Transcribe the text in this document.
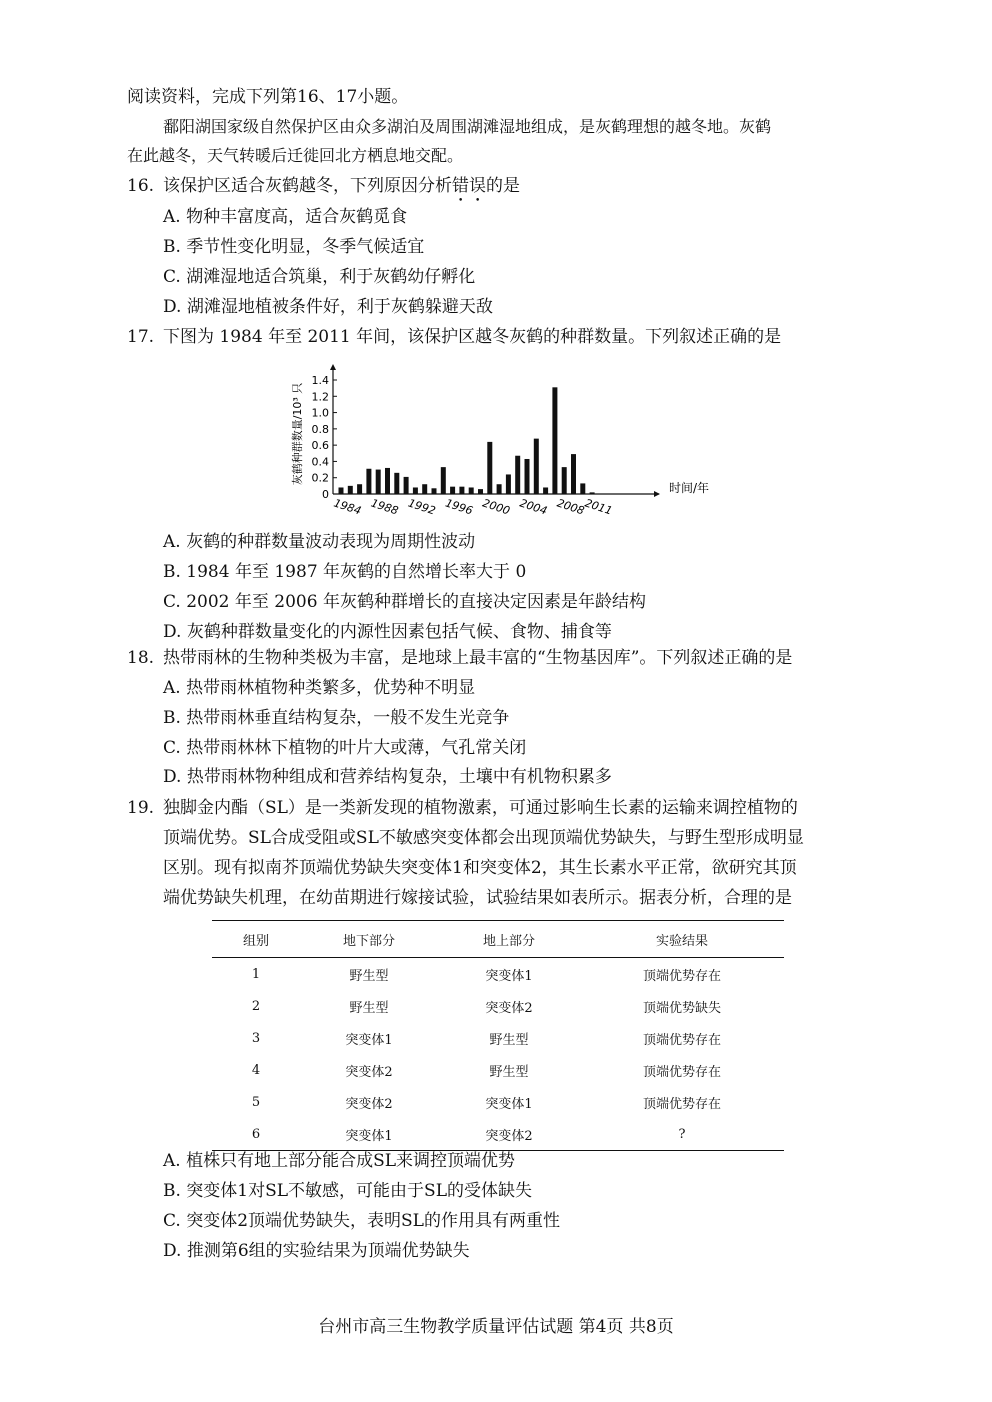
阅读资料，完成下列第16、17小题。
鄱阳湖国家级自然保护区由众多湖泊及周围湖滩湿地组成，是灰鹤理想的越冬地。灰鹤
在此越冬，天气转暖后迁徙回北方栖息地交配。
16. 该保护区适合灰鹤越冬，下列原因分析错误的是
A. 物种丰富度高，适合灰鹤觅食
B. 季节性变化明显，冬季气候适宜
C. 湖滩湿地适合筑巢，利于灰鹤幼仔孵化
D. 湖滩湿地植被条件好，利于灰鹤躲避天敌
17. 下图为 1984 年至 2011 年间，该保护区越冬灰鹤的种群数量。下列叙述正确的是
0
0.2
0.4
0.6
0.8
1.0
1.2
1.4
灰鹤种群数量/10³ 只
1984 1988 1992 1996 2000 2004 2008
2011
时间/年
A. 灰鹤的种群数量波动表现为周期性波动
B. 1984 年至 1987 年灰鹤的自然增长率大于 0
C. 2002 年至 2006 年灰鹤种群增长的直接决定因素是年龄结构
D. 灰鹤种群数量变化的内源性因素包括气候、食物、捕食等
18. 热带雨林的生物种类极为丰富，是地球上最丰富的“生物基因库”。下列叙述正确的是
A. 热带雨林植物种类繁多，优势种不明显
B. 热带雨林垂直结构复杂，一般不发生光竞争
C. 热带雨林林下植物的叶片大或薄，气孔常关闭
D. 热带雨林物种组成和营养结构复杂，土壤中有机物积累多
19. 独脚金内酯（SL）是一类新发现的植物激素，可通过影响生长素的运输来调控植物的
顶端优势。SL合成受阻或SL不敏感突变体都会出现顶端优势缺失，与野生型形成明显
区别。现有拟南芥顶端优势缺失突变体1和突变体2，其生长素水平正常，欲研究其顶
端优势缺失机理，在幼苗期进行嫁接试验，试验结果如表所示。据表分析，合理的是
组别	地下部分	地上部分	实验结果
1	野生型	突变体1	顶端优势存在
2	野生型	突变体2	顶端优势缺失
3	突变体1	野生型	顶端优势存在
4	突变体2	野生型	顶端优势存在
5	突变体2	突变体1	顶端优势存在
6	突变体1	突变体2	?
A. 植株只有地上部分能合成SL来调控顶端优势
B. 突变体1对SL不敏感，可能由于SL的受体缺失
C. 突变体2顶端优势缺失，表明SL的作用具有两重性
D. 推测第6组的实验结果为顶端优势缺失
台州市高三生物教学质量评估试题 第4页 共8页
